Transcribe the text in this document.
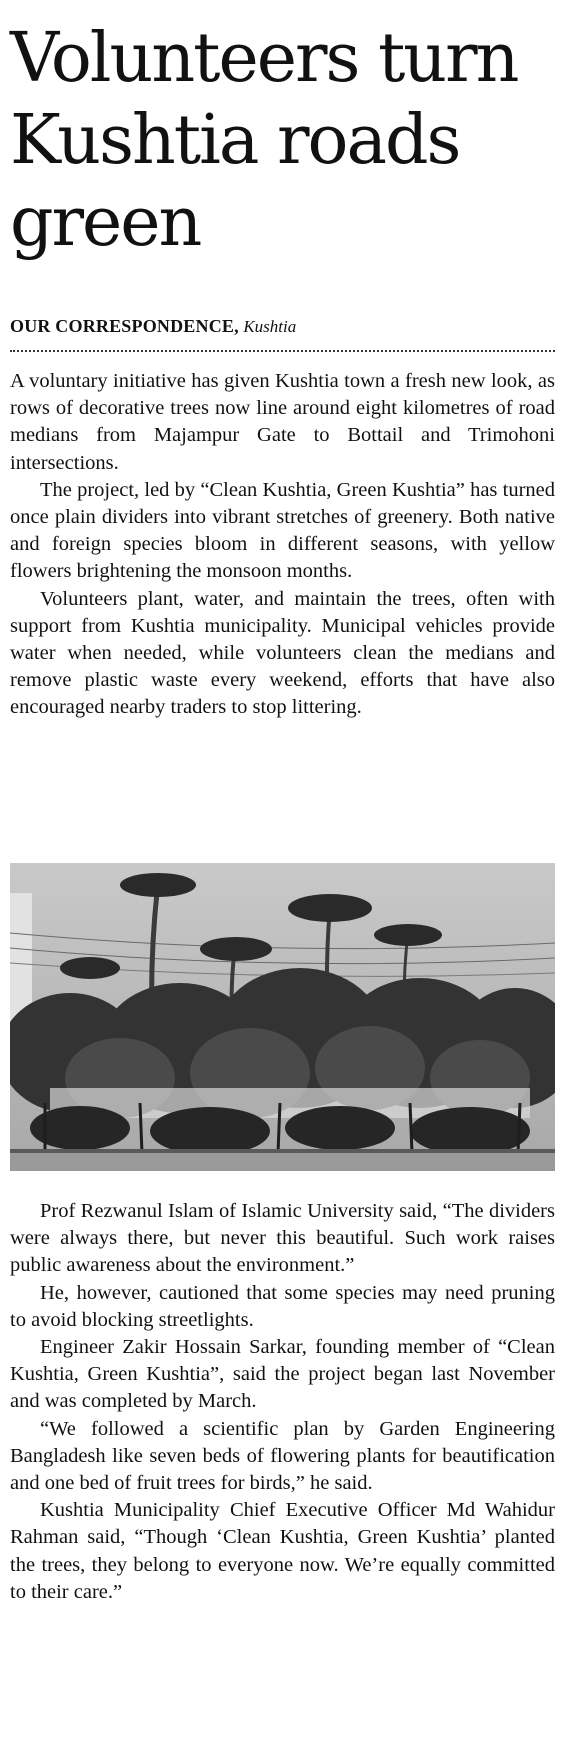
Volunteers turn Kushtia roads green
OUR CORRESPONDENCE, Kushtia

A voluntary initiative has given Kushtia town a fresh new look, as rows of decorative trees now line around eight kilometres of road medians from Majampur Gate to Bottail and Trimohoni intersections.

The project, led by “Clean Kushtia, Green Kushtia” has turned once plain dividers into vibrant stretches of greenery. Both native and foreign species bloom in different seasons, with yellow flowers brightening the monsoon months.

Volunteers plant, water, and maintain the trees, often with support from Kushtia municipality. Municipal vehicles provide water when needed, while volunteers clean the medians and remove plastic waste every weekend, efforts that have also encouraged nearby traders to stop littering.

Prof Rezwanul Islam of Islamic University said, “The dividers were always there, but never this beautiful. Such work raises public awareness about the environment.”

He, however, cautioned that some species may need pruning to avoid blocking streetlights.

Engineer Zakir Hossain Sarkar, founding member of “Clean Kushtia, Green Kushtia”, said the project began last November and was completed by March.

“We followed a scientific plan by Garden Engineering Bangladesh like seven beds of flowering plants for beautification and one bed of fruit trees for birds,” he said.

Kushtia Municipality Chief Executive Officer Md Wahidur Rahman said, “Though ‘Clean Kushtia, Green Kushtia’ planted the trees, they belong to everyone now. We’re equally committed to their care.”
